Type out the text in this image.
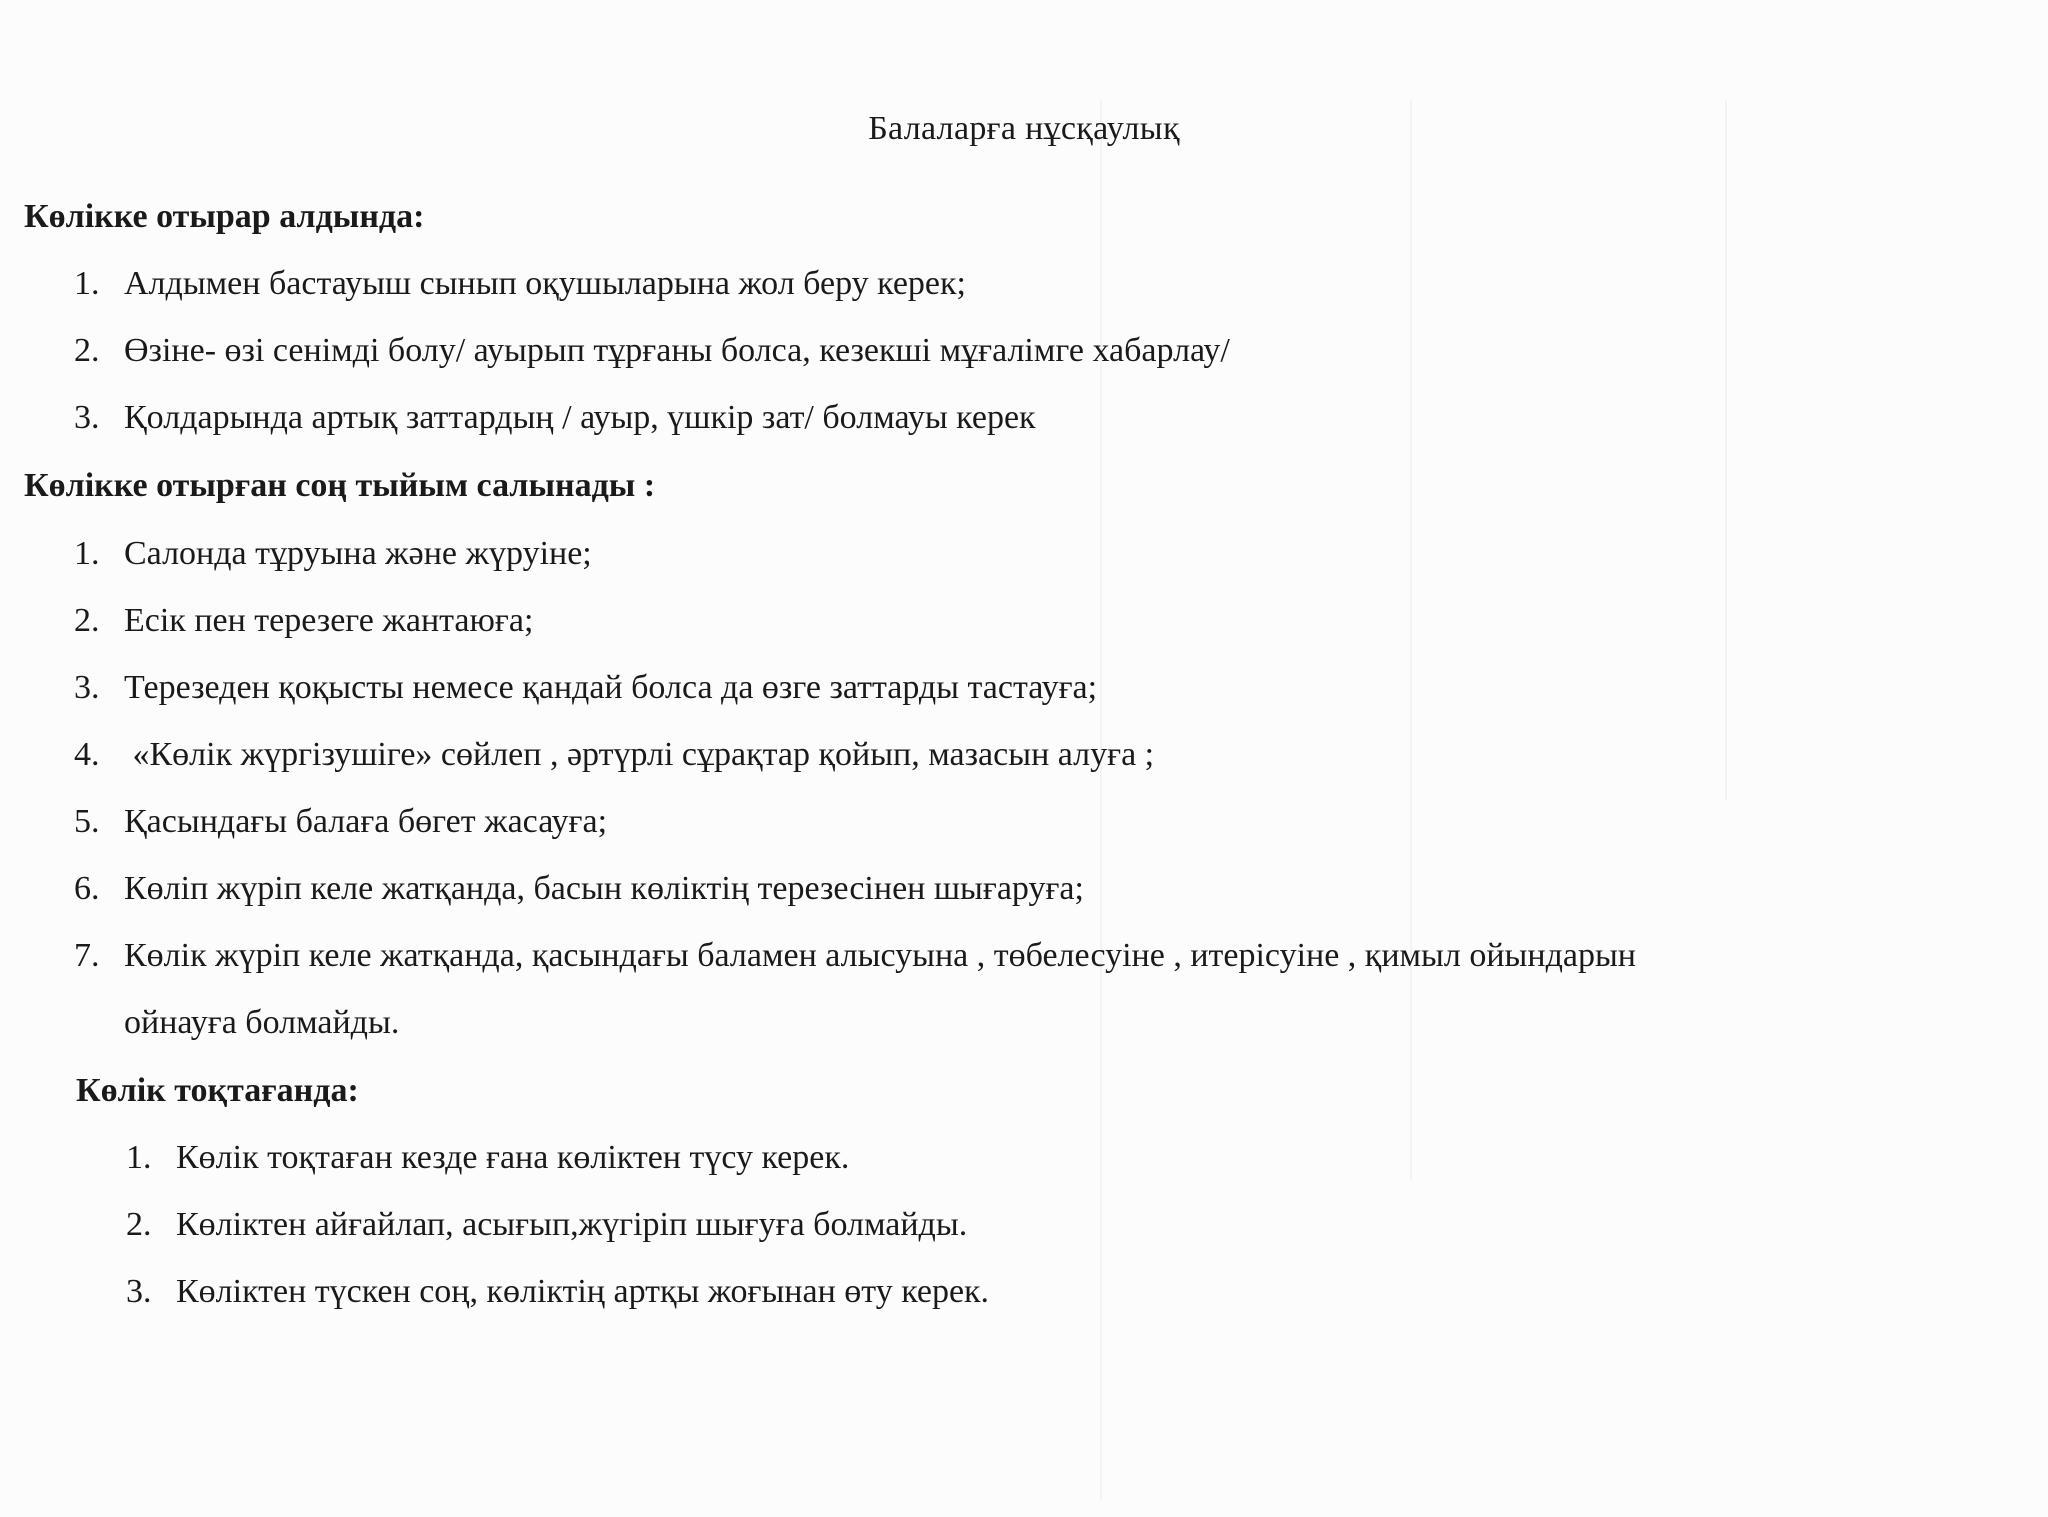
Балаларға нұсқаулық
Көлікке отырар алдында:
1. Алдымен бастауыш сынып оқушыларына жол беру керек;
2. Өзіне- өзі сенімді болу/ ауырып тұрғаны болса, кезекші мұғалімге хабарлау/
3. Қолдарында артық заттардың / ауыр, үшкір зат/ болмауы керек
Көлікке отырған соң тыйым салынады :
1. Салонда тұруына және жүруіне;
2. Есік пен терезеге жантаюға;
3. Терезеден қоқысты немесе қандай болса да өзге заттарды тастауға;
4. «Көлік жүргізушіге» сөйлеп , әртүрлі сұрақтар қойып, мазасын алуға ;
5. Қасындағы балаға бөгет жасауға;
6. Көліп жүріп келе жатқанда, басын көліктің терезесінен шығаруға;
7. Көлік жүріп келе жатқанда, қасындағы баламен алысуына , төбелесуіне , итерісуіне , қимыл ойындарын
ойнауға болмайды.
Көлік тоқтағанда:
1. Көлік тоқтаған кезде ғана көліктен түсу керек.
2. Көліктен айғайлап, асығып,жүгіріп шығуға болмайды.
3. Көліктен түскен соң, көліктің артқы жоғынан өту керек.
